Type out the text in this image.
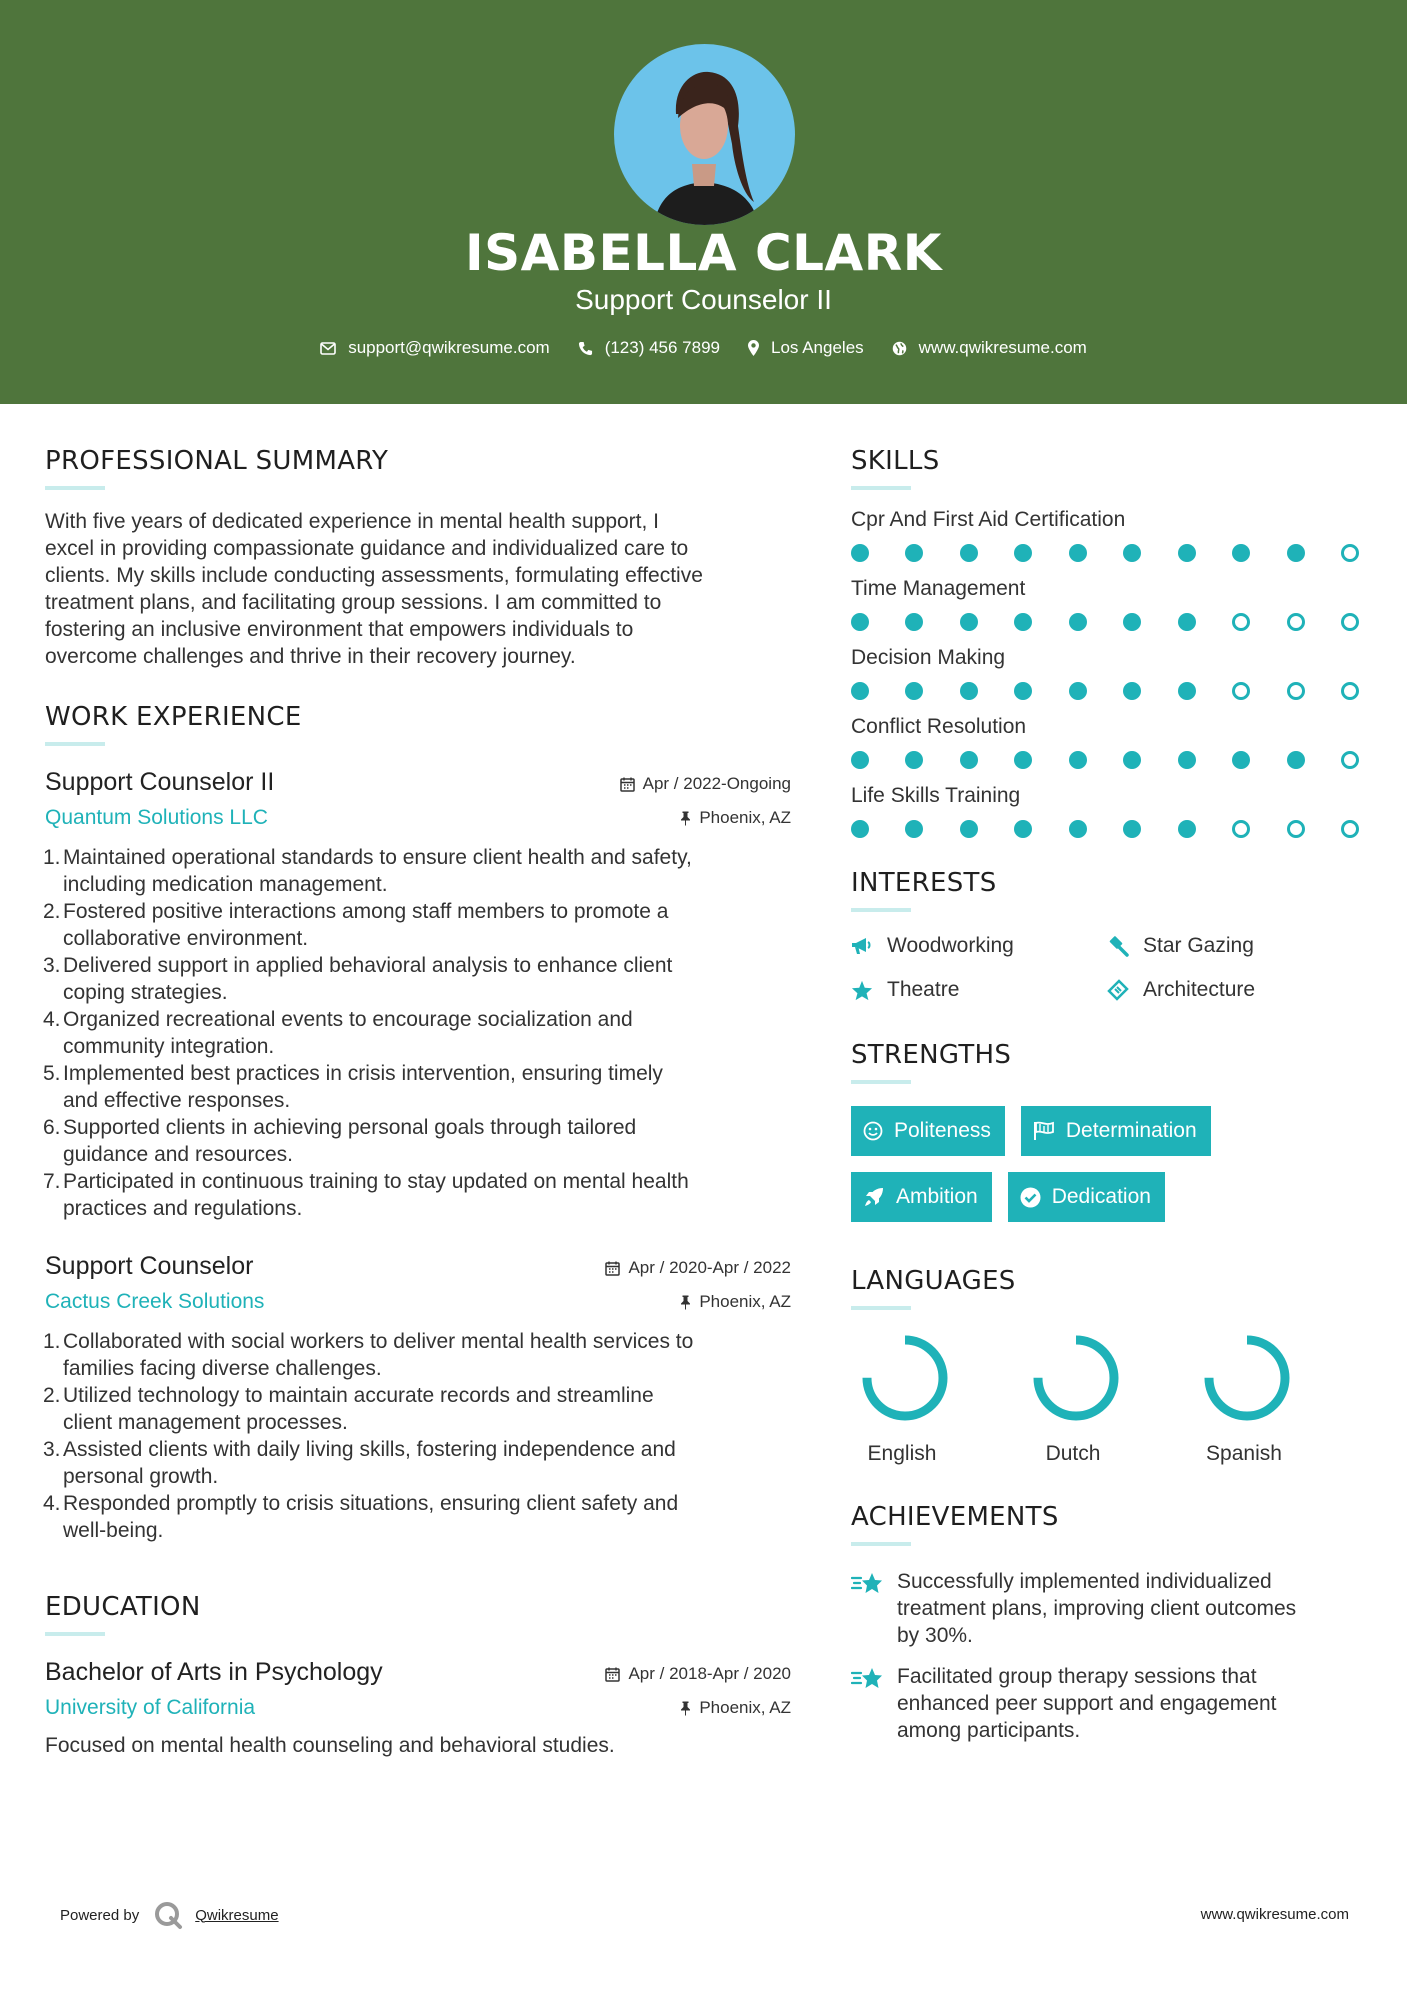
ISABELLA CLARK
Support Counselor II
support@qwikresume.com	(123) 456 7899	Los Angeles	www.qwikresume.com
PROFESSIONAL SUMMARY
With five years of dedicated experience in mental health support, I
excel in providing compassionate guidance and individualized care to
clients. My skills include conducting assessments, formulating effective
treatment plans, and facilitating group sessions. I am committed to
fostering an inclusive environment that empowers individuals to
overcome challenges and thrive in their recovery journey.
WORK EXPERIENCE
Support Counselor II	Apr / 2022-Ongoing
Quantum Solutions LLC	Phoenix, AZ
1. Maintained operational standards to ensure client health and safety,
including medication management.
2. Fostered positive interactions among staff members to promote a
collaborative environment.
3. Delivered support in applied behavioral analysis to enhance client
coping strategies.
4. Organized recreational events to encourage socialization and
community integration.
5. Implemented best practices in crisis intervention, ensuring timely
and effective responses.
6. Supported clients in achieving personal goals through tailored
guidance and resources.
7. Participated in continuous training to stay updated on mental health
practices and regulations.
Support Counselor	Apr / 2020-Apr / 2022
Cactus Creek Solutions	Phoenix, AZ
1. Collaborated with social workers to deliver mental health services to
families facing diverse challenges.
2. Utilized technology to maintain accurate records and streamline
client management processes.
3. Assisted clients with daily living skills, fostering independence and
personal growth.
4. Responded promptly to crisis situations, ensuring client safety and
well-being.
EDUCATION
Bachelor of Arts in Psychology	Apr / 2018-Apr / 2020
University of California	Phoenix, AZ
Focused on mental health counseling and behavioral studies.
SKILLS
Cpr And First Aid Certification
Time Management
Decision Making
Conflict Resolution
Life Skills Training
INTERESTS
Woodworking	Star Gazing
Theatre	Architecture
STRENGTHS
Politeness	Determination
Ambition	Dedication
LANGUAGES
English	Dutch	Spanish
ACHIEVEMENTS
Successfully implemented individualized
treatment plans, improving client outcomes
by 30%.
Facilitated group therapy sessions that
enhanced peer support and engagement
among participants.
Powered by	Qwikresume	www.qwikresume.com
